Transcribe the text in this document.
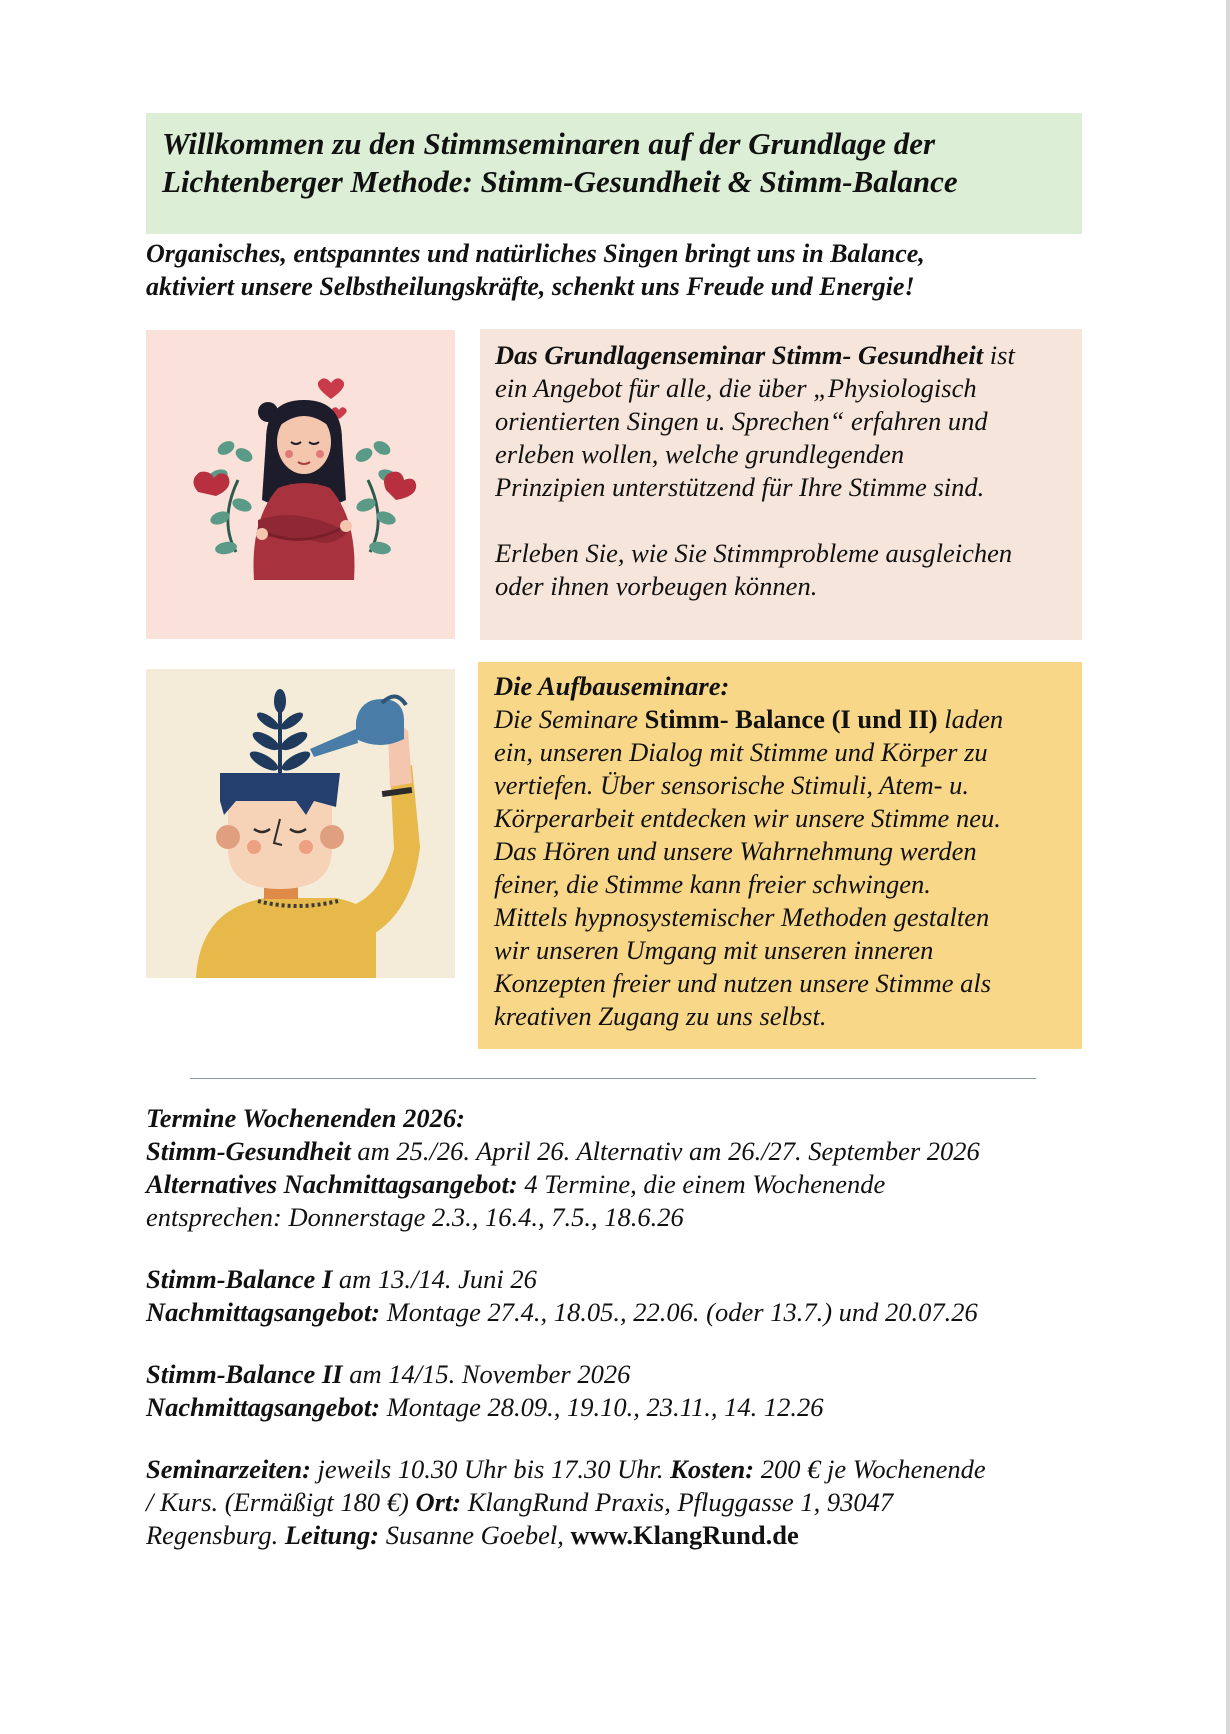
Willkommen zu den Stimmseminaren auf der Grundlage der
Lichtenberger Methode: Stimm-Gesundheit & Stimm-Balance
Organisches, entspanntes und natürliches Singen bringt uns in Balance,
aktiviert unsere Selbstheilungskräfte, schenkt uns Freude und Energie!
Das Grundlagenseminar Stimm- Gesundheit ist
ein Angebot für alle, die über „Physiologisch
orientierten Singen u. Sprechen“ erfahren und
erleben wollen, welche grundlegenden
Prinzipien unterstützend für Ihre Stimme sind.
Erleben Sie, wie Sie Stimmprobleme ausgleichen
oder ihnen vorbeugen können.
Die Aufbauseminare:
Die Seminare Stimm- Balance (I und II) laden
ein, unseren Dialog mit Stimme und Körper zu
vertiefen. Über sensorische Stimuli, Atem- u.
Körperarbeit entdecken wir unsere Stimme neu.
Das Hören und unsere Wahrnehmung werden
feiner, die Stimme kann freier schwingen.
Mittels hypnosystemischer Methoden gestalten
wir unseren Umgang mit unseren inneren
Konzepten freier und nutzen unsere Stimme als
kreativen Zugang zu uns selbst.
Termine Wochenenden 2026:
Stimm-Gesundheit am 25./26. April 26. Alternativ am 26./27. September 2026
Alternatives Nachmittagsangebot: 4 Termine, die einem Wochenende
entsprechen: Donnerstage 2.3., 16.4., 7.5., 18.6.26
Stimm-Balance I am 13./14. Juni 26
Nachmittagsangebot: Montage 27.4., 18.05., 22.06. (oder 13.7.) und 20.07.26
Stimm-Balance II am 14/15. November 2026
Nachmittagsangebot: Montage 28.09., 19.10., 23.11., 14. 12.26
Seminarzeiten: jeweils 10.30 Uhr bis 17.30 Uhr. Kosten: 200 € je Wochenende
/ Kurs. (Ermäßigt 180 €) Ort: KlangRund Praxis, Pfluggasse 1, 93047
Regensburg. Leitung: Susanne Goebel, www.KlangRund.de
